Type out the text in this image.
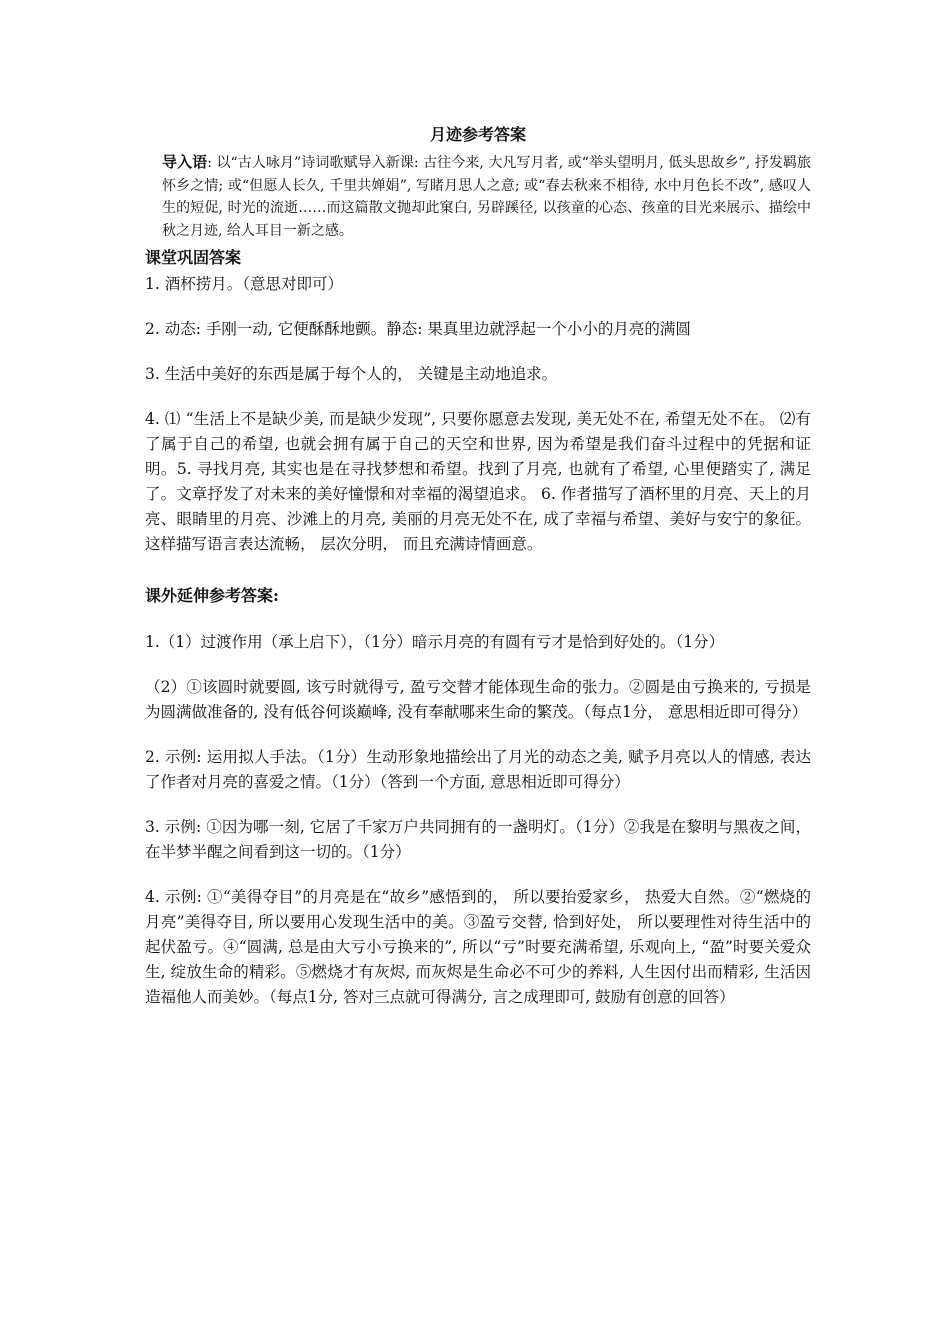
月迹参考答案
导入语: 以“古人咏月”诗词歌赋导入新课: 古往今来, 大凡写月者, 或“举头望明月, 低头思故乡”, 抒发羁旅怀乡之情; 或“但愿人长久, 千里共婵娟”, 写睹月思人之意; 或“春去秋来不相待, 水中月色长不改”, 感叹人生的短促, 时光的流逝……而这篇散文抛却此窠白, 另辟蹊径, 以孩童的心态、孩童的目光来展示、描绘中秋之月迹, 给人耳目一新之感。
课堂巩固答案

1. 酒杯捞月。（意思对即可）

2. 动态: 手刚一动, 它便酥酥地颤。静态: 果真里边就浮起一个小小的月亮的满圆

3. 生活中美好的东西是属于每个人的， 关键是主动地追求。

4. ⑴ “生活上不是缺少美, 而是缺少发现”, 只要你愿意去发现, 美无处不在, 希望无处不在。 ⑵有了属于自己的希望, 也就会拥有属于自己的天空和世界, 因为希望是我们奋斗过程中的凭据和证明。5. 寻找月亮, 其实也是在寻找梦想和希望。找到了月亮, 也就有了希望, 心里便踏实了, 满足了。文章抒发了对未来的美好憧憬和对幸福的渴望追求。 6. 作者描写了酒杯里的月亮、天上的月亮、眼睛里的月亮、沙滩上的月亮, 美丽的月亮无处不在, 成了幸福与希望、美好与安宁的象征。这样描写语言表达流畅， 层次分明， 而且充满诗情画意。

课外延伸参考答案:

1.（1）过渡作用（承上启下），（1分）暗示月亮的有圆有亏才是恰到好处的。（1分）

（2）①该圆时就要圆, 该亏时就得亏, 盈亏交替才能体现生命的张力。②圆是由亏换来的, 亏损是为圆满做准备的, 没有低谷何谈巅峰, 没有奉献哪来生命的繁茂。（每点1分， 意思相近即可得分）

2. 示例: 运用拟人手法。（1分）生动形象地描绘出了月光的动态之美, 赋予月亮以人的情感, 表达了作者对月亮的喜爱之情。（1分）（答到一个方面, 意思相近即可得分）

3. 示例: ①因为哪一刻, 它居了千家万户共同拥有的一盏明灯。（1分）②我是在黎明与黑夜之间， 在半梦半醒之间看到这一切的。（1分）

4. 示例: ①“美得夺目”的月亮是在“故乡”感悟到的， 所以要抬爱家乡， 热爱大自然。②“燃烧的月亮”美得夺目, 所以要用心发现生活中的美。③盈亏交替, 恰到好处， 所以要理性对待生活中的起伏盈亏。④“圆满, 总是由大亏小亏换来的”, 所以“亏”时要充满希望, 乐观向上, “盈”时要关爱众生, 绽放生命的精彩。⑤燃烧才有灰烬, 而灰烬是生命必不可少的养料, 人生因付出而精彩, 生活因造福他人而美妙。（每点1分, 答对三点就可得满分, 言之成理即可, 鼓励有创意的回答）
